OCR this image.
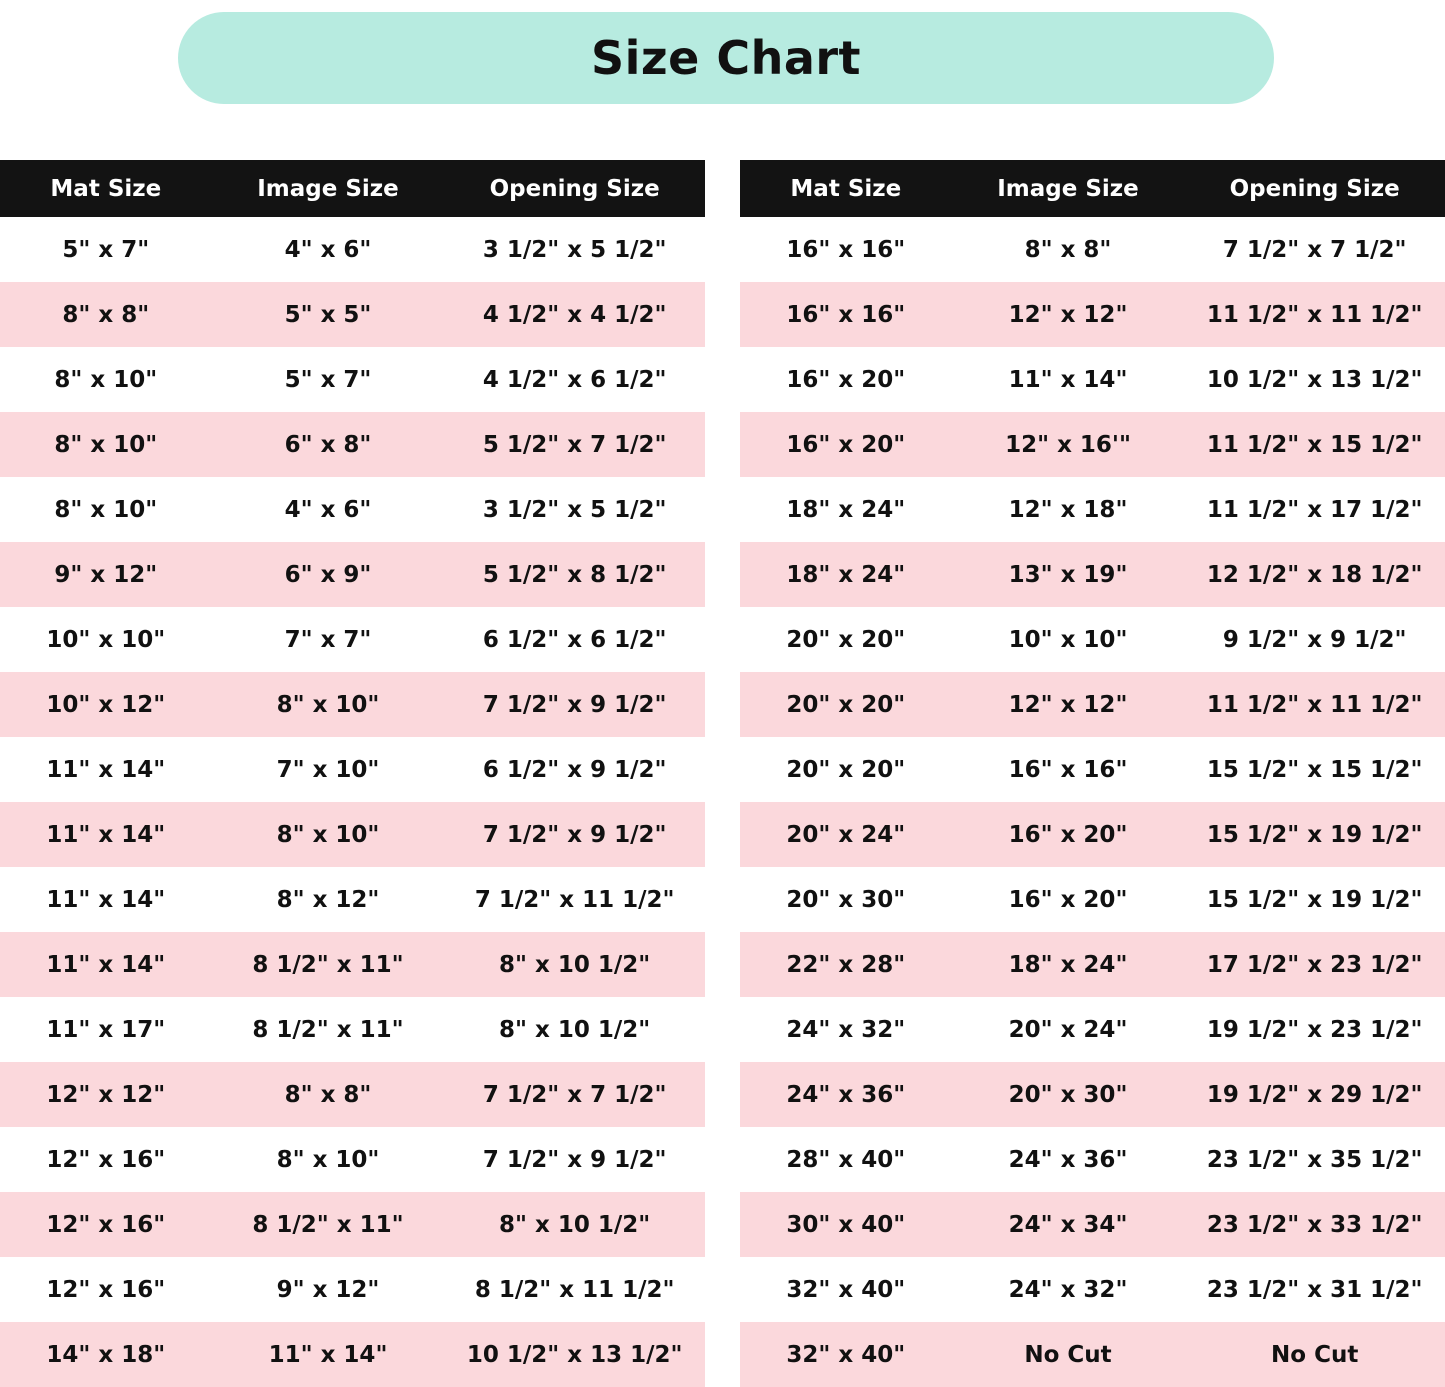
Size Chart
Mat Size	Image Size	Opening Size
5" x 7"	4" x 6"	3 1/2" x 5 1/2"
8" x 8"	5" x 5"	4 1/2" x 4 1/2"
8" x 10"	5" x 7"	4 1/2" x 6 1/2"
8" x 10"	6" x 8"	5 1/2" x 7 1/2"
8" x 10"	4" x 6"	3 1/2" x 5 1/2"
9" x 12"	6" x 9"	5 1/2" x 8 1/2"
10" x 10"	7" x 7"	6 1/2" x 6 1/2"
10" x 12"	8" x 10"	7 1/2" x 9 1/2"
11" x 14"	7" x 10"	6 1/2" x 9 1/2"
11" x 14"	8" x 10"	7 1/2" x 9 1/2"
11" x 14"	8" x 12"	7 1/2" x 11 1/2"
11" x 14"	8 1/2" x 11"	8" x 10 1/2"
11" x 17"	8 1/2" x 11"	8" x 10 1/2"
12" x 12"	8" x 8"	7 1/2" x 7 1/2"
12" x 16"	8" x 10"	7 1/2" x 9 1/2"
12" x 16"	8 1/2" x 11"	8" x 10 1/2"
12" x 16"	9" x 12"	8 1/2" x 11 1/2"
14" x 18"	11" x 14"	10 1/2" x 13 1/2"
Mat Size	Image Size	Opening Size
16" x 16"	8" x 8"	7 1/2" x 7 1/2"
16" x 16"	12" x 12"	11 1/2" x 11 1/2"
16" x 20"	11" x 14"	10 1/2" x 13 1/2"
16" x 20"	12" x 16'"	11 1/2" x 15 1/2"
18" x 24"	12" x 18"	11 1/2" x 17 1/2"
18" x 24"	13" x 19"	12 1/2" x 18 1/2"
20" x 20"	10" x 10"	9 1/2" x 9 1/2"
20" x 20"	12" x 12"	11 1/2" x 11 1/2"
20" x 20"	16" x 16"	15 1/2" x 15 1/2"
20" x 24"	16" x 20"	15 1/2" x 19 1/2"
20" x 30"	16" x 20"	15 1/2" x 19 1/2"
22" x 28"	18" x 24"	17 1/2" x 23 1/2"
24" x 32"	20" x 24"	19 1/2" x 23 1/2"
24" x 36"	20" x 30"	19 1/2" x 29 1/2"
28" x 40"	24" x 36"	23 1/2" x 35 1/2"
30" x 40"	24" x 34"	23 1/2" x 33 1/2"
32" x 40"	24" x 32"	23 1/2" x 31 1/2"
32" x 40"	No Cut	No Cut
